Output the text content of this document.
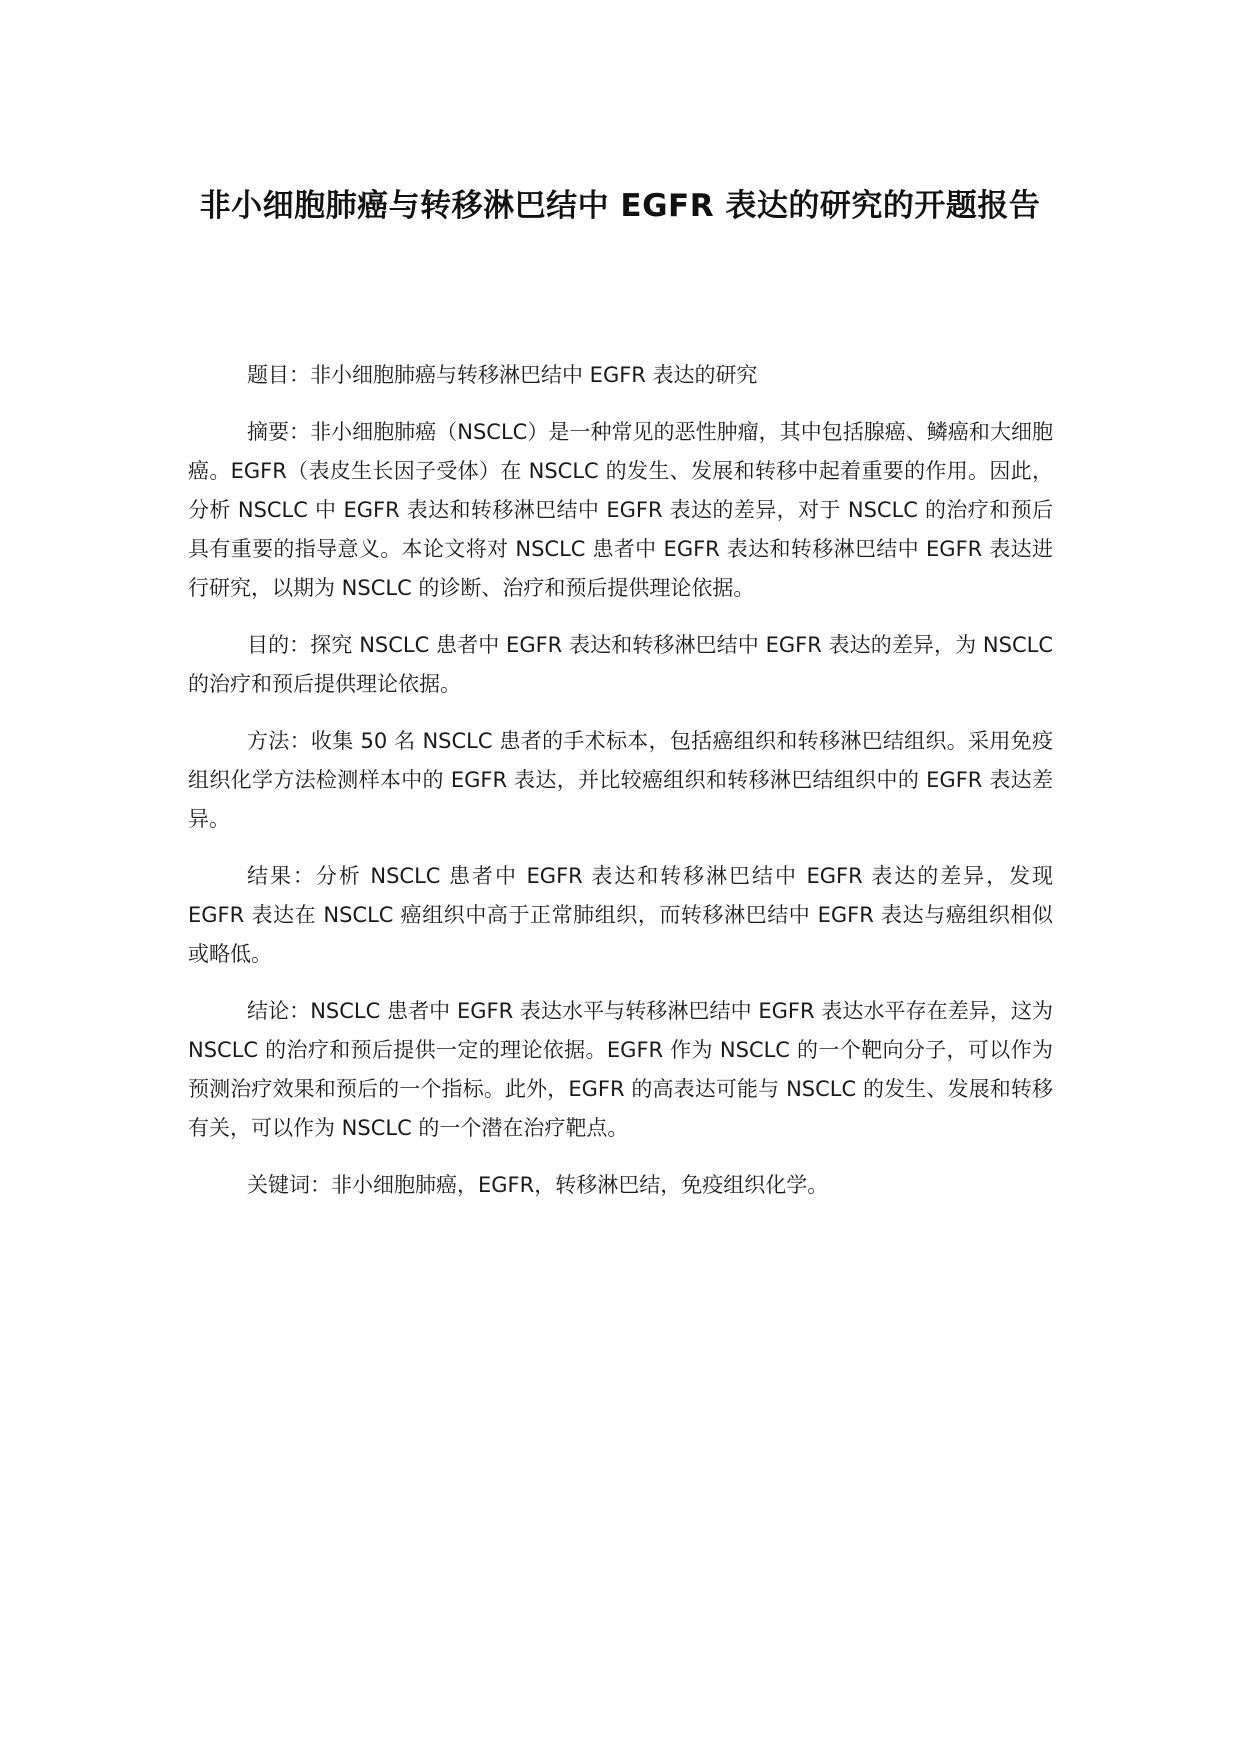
非小细胞肺癌与转移淋巴结中 EGFR 表达的研究的开题报告

题目：非小细胞肺癌与转移淋巴结中 EGFR 表达的研究

摘要：非小细胞肺癌（NSCLC）是一种常见的恶性肿瘤，其中包括腺癌、鳞癌和大细胞癌。EGFR（表皮生长因子受体）在 NSCLC 的发生、发展和转移中起着重要的作用。因此，分析 NSCLC 中 EGFR 表达和转移淋巴结中 EGFR 表达的差异，对于 NSCLC 的治疗和预后具有重要的指导意义。本论文将对 NSCLC 患者中 EGFR 表达和转移淋巴结中 EGFR 表达进行研究，以期为 NSCLC 的诊断、治疗和预后提供理论依据。

目的：探究 NSCLC 患者中 EGFR 表达和转移淋巴结中 EGFR 表达的差异，为 NSCLC 的治疗和预后提供理论依据。

方法：收集 50 名 NSCLC 患者的手术标本，包括癌组织和转移淋巴结组织。采用免疫组织化学方法检测样本中的 EGFR 表达，并比较癌组织和转移淋巴结组织中的 EGFR 表达差异。

结果：分析 NSCLC 患者中 EGFR 表达和转移淋巴结中 EGFR 表达的差异，发现 EGFR 表达在 NSCLC 癌组织中高于正常肺组织，而转移淋巴结中 EGFR 表达与癌组织相似或略低。

结论：NSCLC 患者中 EGFR 表达水平与转移淋巴结中 EGFR 表达水平存在差异，这为 NSCLC 的治疗和预后提供一定的理论依据。EGFR 作为 NSCLC 的一个靶向分子，可以作为预测治疗效果和预后的一个指标。此外，EGFR 的高表达可能与 NSCLC 的发生、发展和转移有关，可以作为 NSCLC 的一个潜在治疗靶点。

关键词：非小细胞肺癌，EGFR，转移淋巴结，免疫组织化学。
